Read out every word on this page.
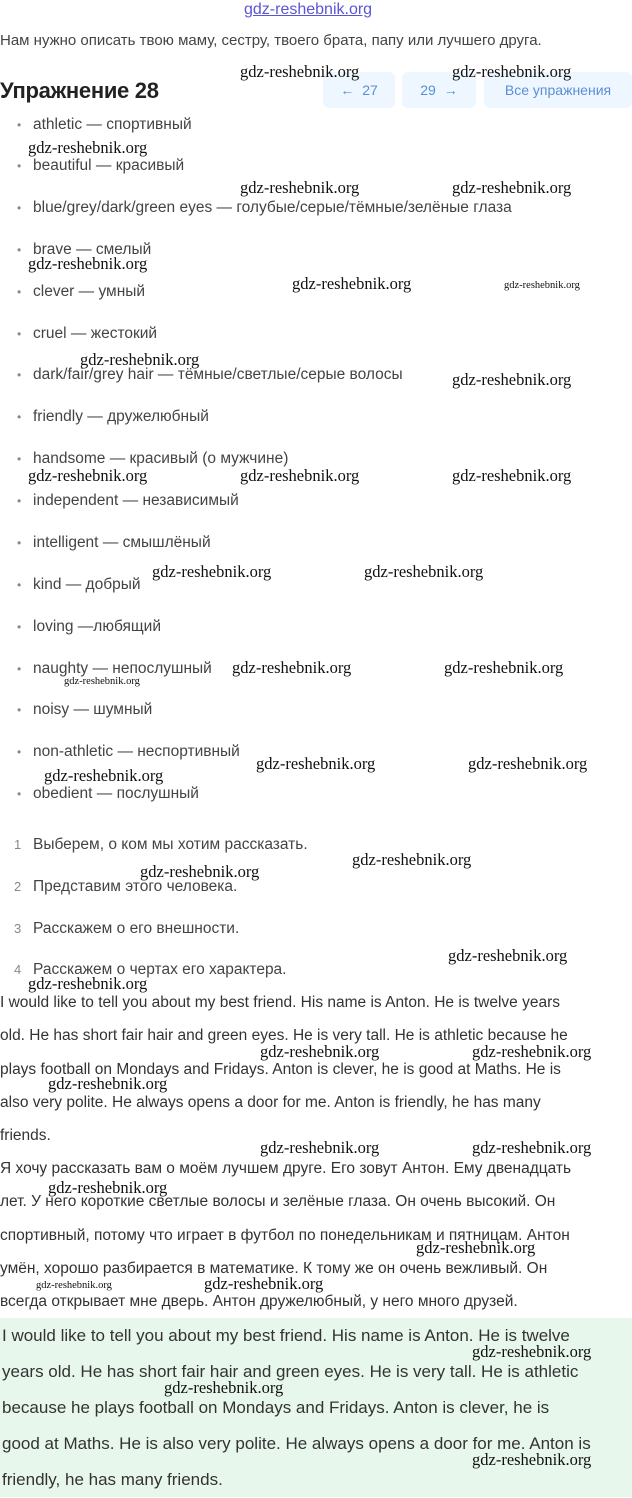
gdz-reshebnik.org
Нам нужно описать твою маму, сестру, твоего брата, папу или лучшего друга.
Упражнение 28	← 27	29 →	Все упражнения
• athletic — спортивный
• beautiful — красивый
• blue/grey/dark/green eyes — голубые/серые/тёмные/зелёные глаза
• brave — смелый
• clever — умный
• cruel — жестокий
• dark/fair/grey hair — тёмные/светлые/серые волосы
• friendly — дружелюбный
• handsome — красивый (о мужчине)
• independent — независимый
• intelligent — смышлёный
• kind — добрый
• loving —любящий
• naughty — непослушный
• noisy — шумный
• non-athletic — неспортивный
• obedient — послушный
1 Выберем, о ком мы хотим рассказать.
2 Представим этого человека.
3 Расскажем о его внешности.
4 Расскажем о чертах его характера.

I would like to tell you about my best friend. His name is Anton. He is twelve years

old. He has short fair hair and green eyes. He is very tall. He is athletic because he

plays football on Mondays and Fridays. Anton is clever, he is good at Maths. He is

also very polite. He always opens a door for me. Anton is friendly, he has many

friends.

Я хочу рассказать вам о моём лучшем друге. Его зовут Антон. Ему двенадцать

лет. У него короткие светлые волосы и зелёные глаза. Он очень высокий. Он

спортивный, потому что играет в футбол по понедельникам и пятницам. Антон

умён, хорошо разбирается в математике. К тому же он очень вежливый. Он

всегда открывает мне дверь. Антон дружелюбный, у него много друзей.

I would like to tell you about my best friend. His name is Anton. He is twelve

years old. He has short fair hair and green eyes. He is very tall. He is athletic

because he plays football on Mondays and Fridays. Anton is clever, he is

good at Maths. He is also very polite. He always opens a door for me. Anton is

friendly, he has many friends.

gdz-reshebnik.org	gdz-reshebnik.org
gdz-reshebnik.org
gdz-reshebnik.org	gdz-reshebnik.org
gdz-reshebnik.org
gdz-reshebnik.org	gdz-reshebnik.org
gdz-reshebnik.org
gdz-reshebnik.org
gdz-reshebnik.org	gdz-reshebnik.org	gdz-reshebnik.org
gdz-reshebnik.org	gdz-reshebnik.org
gdz-reshebnik.org	gdz-reshebnik.org
gdz-reshebnik.org
gdz-reshebnik.org	gdz-reshebnik.org
gdz-reshebnik.org
gdz-reshebnik.org
gdz-reshebnik.org
gdz-reshebnik.org
gdz-reshebnik.org
gdz-reshebnik.org	gdz-reshebnik.org
gdz-reshebnik.org
gdz-reshebnik.org	gdz-reshebnik.org
gdz-reshebnik.org
gdz-reshebnik.org
gdz-reshebnik.org
gdz-reshebnik.org
gdz-reshebnik.org
gdz-reshebnik.org
gdz-reshebnik.org
